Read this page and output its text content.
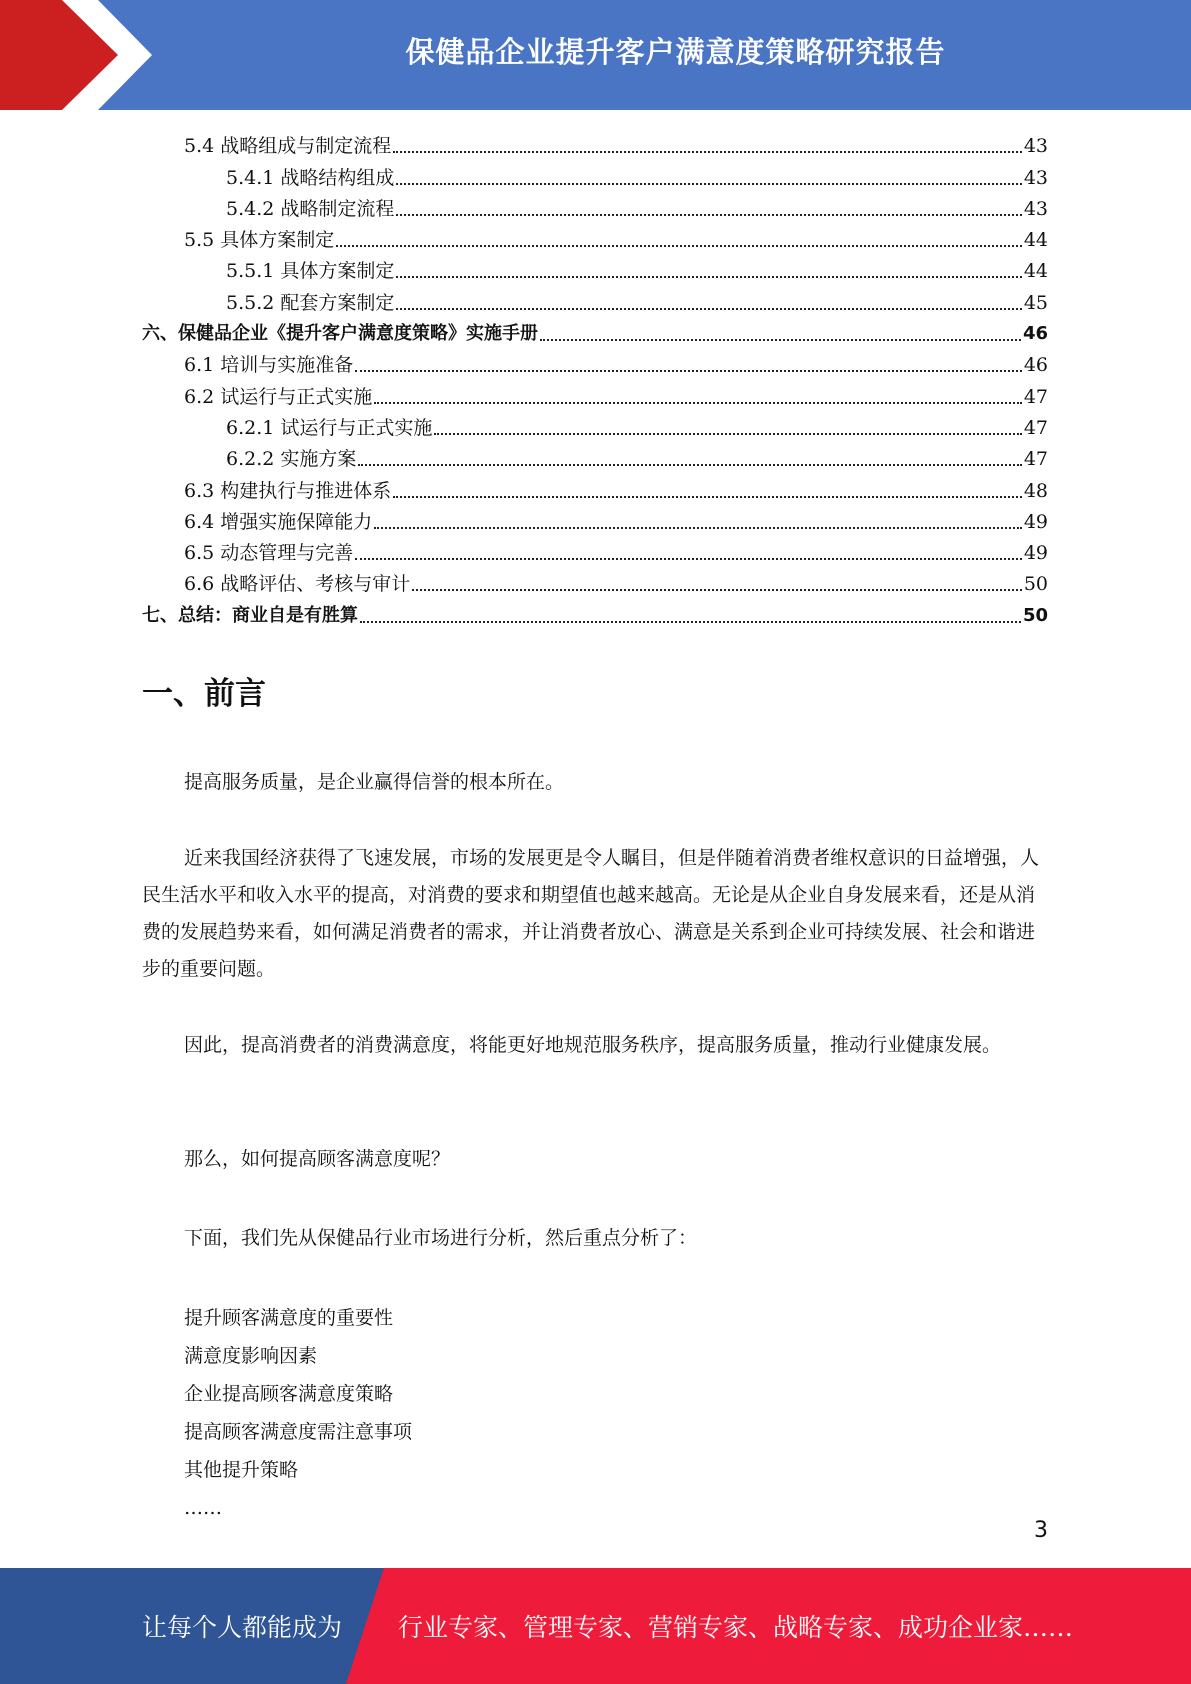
保健品企业提升客户满意度策略研究报告
5.4 战略组成与制定流程	43
5.4.1 战略结构组成	43
5.4.2 战略制定流程	43
5.5 具体方案制定	44
5.5.1 具体方案制定	44
5.5.2 配套方案制定	45
六、保健品企业《提升客户满意度策略》实施手册	46
6.1 培训与实施准备	46
6.2 试运行与正式实施	47
6.2.1 试运行与正式实施	47
6.2.2 实施方案	47
6.3 构建执行与推进体系	48
6.4 增强实施保障能力	49
6.5 动态管理与完善	49
6.6 战略评估、考核与审计	50
七、总结：商业自是有胜算	50
一、前言

提高服务质量，是企业赢得信誉的根本所在。

近来我国经济获得了飞速发展，市场的发展更是令人瞩目，但是伴随着消费者维权意识的日益增强，人民生活水平和收入水平的提高，对消费的要求和期望值也越来越高。无论是从企业自身发展来看，还是从消费的发展趋势来看，如何满足消费者的需求，并让消费者放心、满意是关系到企业可持续发展、社会和谐进步的重要问题。

因此，提高消费者的消费满意度，将能更好地规范服务秩序，提高服务质量，推动行业健康发展。

那么，如何提高顾客满意度呢？

下面，我们先从保健品行业市场进行分析，然后重点分析了：

提升顾客满意度的重要性
满意度影响因素
企业提高顾客满意度策略
提高顾客满意度需注意事项
其他提升策略
……
3
让每个人都能成为 行业专家、管理专家、营销专家、战略专家、成功企业家……
